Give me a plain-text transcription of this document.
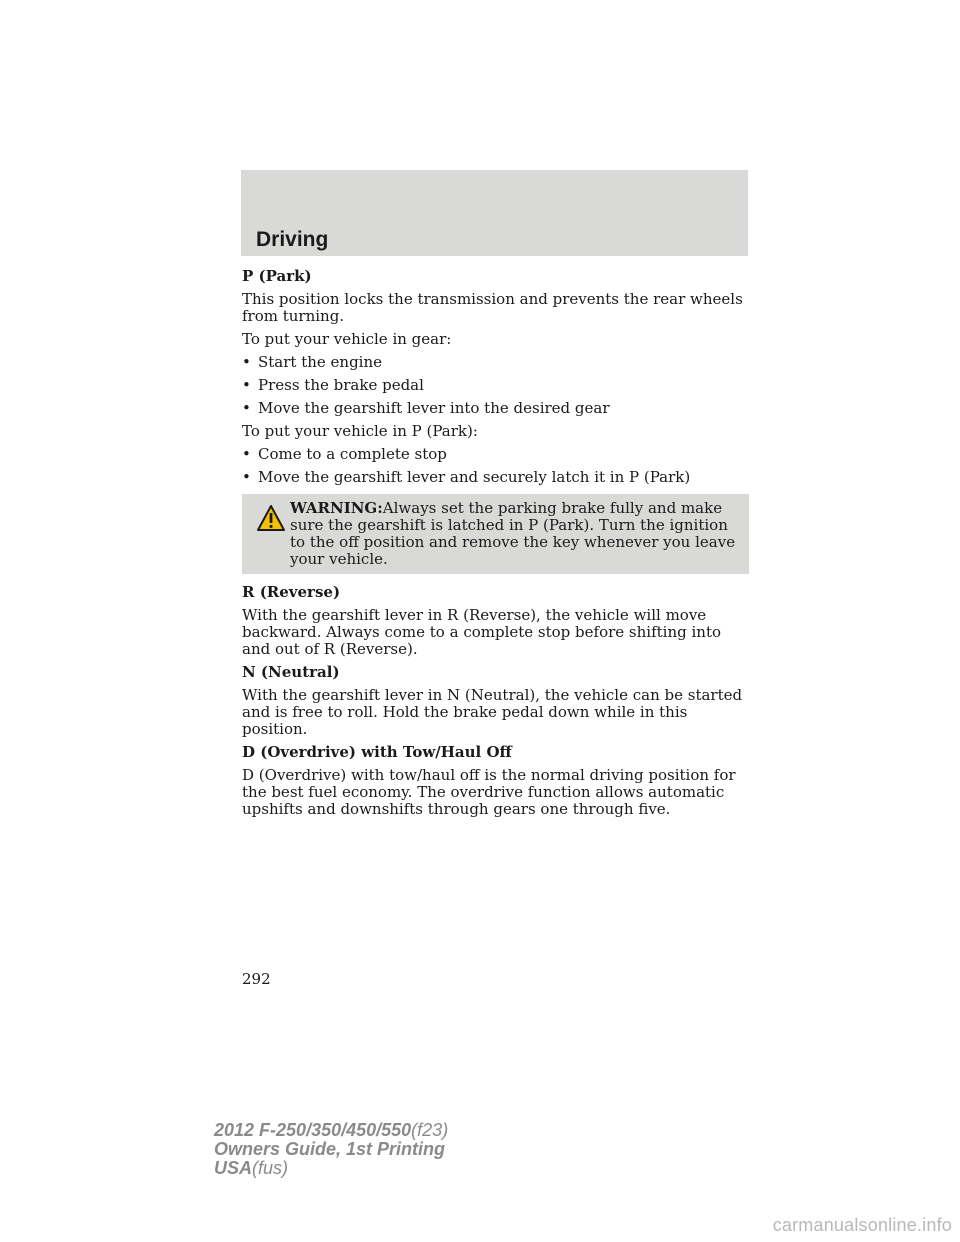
Driving

P (Park)

This position locks the transmission and prevents the rear wheels from turning.

To put your vehicle in gear:

• Start the engine
• Press the brake pedal
• Move the gearshift lever into the desired gear

To put your vehicle in P (Park):

• Come to a complete stop
• Move the gearshift lever and securely latch it in P (Park)
WARNING:Always set the parking brake fully and make sure the gearshift is latched in P (Park). Turn the ignition to the off position and remove the key whenever you leave your vehicle.

R (Reverse)

With the gearshift lever in R (Reverse), the vehicle will move backward. Always come to a complete stop before shifting into and out of R (Reverse).

N (Neutral)

With the gearshift lever in N (Neutral), the vehicle can be started and is free to roll. Hold the brake pedal down while in this position.

D (Overdrive) with Tow/Haul Off

D (Overdrive) with tow/haul off is the normal driving position for the best fuel economy. The overdrive function allows automatic upshifts and downshifts through gears one through five.

292
2012 F-250/350/450/550(f23)
Owners Guide, 1st Printing
USA(fus)
carmanualsonline.info
